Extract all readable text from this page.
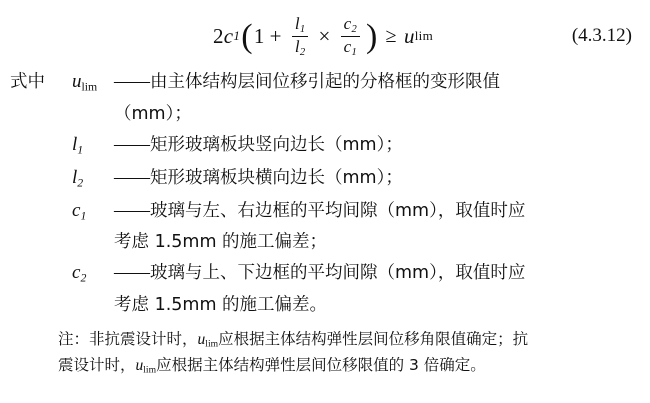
2 c 1 ( $1 + \frac{l_1}{l_2} \times \frac{c_2}{c_1}$ ) ≥ u lim	(4.3.12)
式中	$u_{lim}$ —— 由主体结构层间位移引起的分格框的变形限值
（mm）；
$l_1$	—— 矩形玻璃板块竖向边长（mm）；
$l_2$	—— 矩形玻璃板块横向边长（mm）；
$c_1$	—— 玻璃与左、右边框的平均间隙（mm），取值时应
考虑 1.5mm 的施工偏差；
$c_2$	—— 玻璃与上、下边框的平均间隙（mm），取值时应
考虑 1.5mm 的施工偏差。
注：非抗震设计时，$u_{lim}$应根据主体结构弹性层间位移角限值确定；抗
震设计时，$u_{lim}$应根据主体结构弹性层间位移限值的 3 倍确定。
